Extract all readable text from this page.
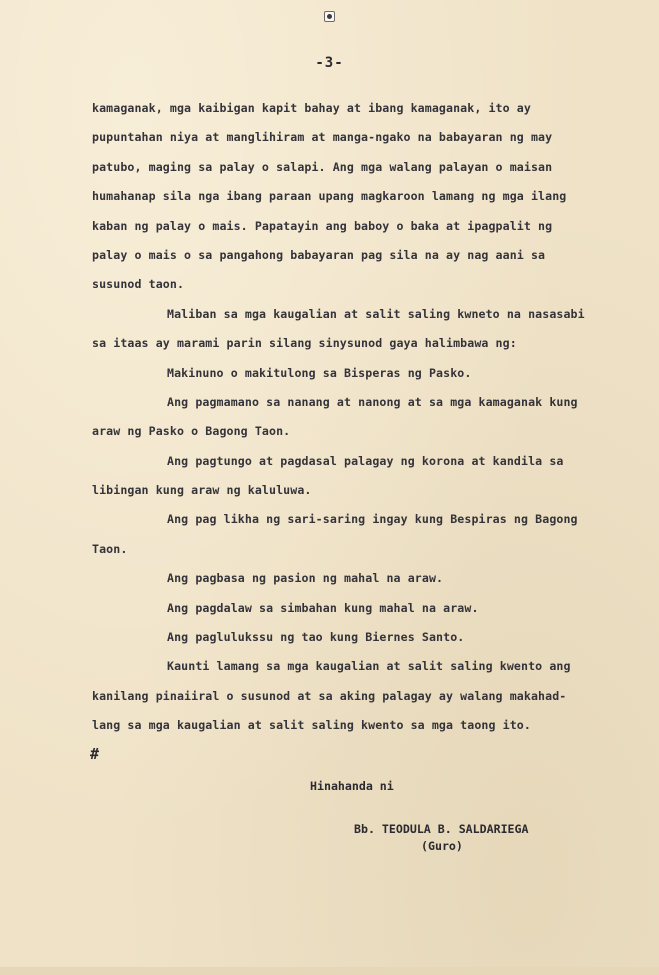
-3-
kamaganak, mga kaibigan kapit bahay at ibang kamaganak, ito ay
pupuntahan niya at manglihiram at manga-ngako na babayaran ng may
patubo, maging sa palay o salapi. Ang mga walang palayan o maisan
humahanap sila nga ibang paraan upang magkaroon lamang ng mga ilang
kaban ng palay o mais. Papatayin ang baboy o baka at ipagpalit ng
palay o mais o sa pangahong babayaran pag sila na ay nag aani sa
susunod taon.
Maliban sa mga kaugalian at salit saling kwneto na nasasabi
sa itaas ay marami parin silang sinysunod gaya halimbawa ng:
Makinuno o makitulong sa Bisperas ng Pasko.
Ang pagmamano sa nanang at nanong at sa mga kamaganak kung
araw ng Pasko o Bagong Taon.
Ang pagtungo at pagdasal palagay ng korona at kandila sa
libingan kung araw ng kaluluwa.
Ang pag likha ng sari-saring ingay kung Bespiras ng Bagong
Taon.
Ang pagbasa ng pasion ng mahal na araw.
Ang pagdalaw sa simbahan kung mahal na araw.
Ang paglulukssu ng tao kung Biernes Santo.
Kaunti lamang sa mga kaugalian at salit saling kwento ang
kanilang pinaiiral o susunod at sa aking palagay ay walang makahad-
lang sa mga kaugalian at salit saling kwento sa mga taong ito.
#
Hinahanda ni
Bb. TEODULA B. SALDARIEGA
(Guro)
